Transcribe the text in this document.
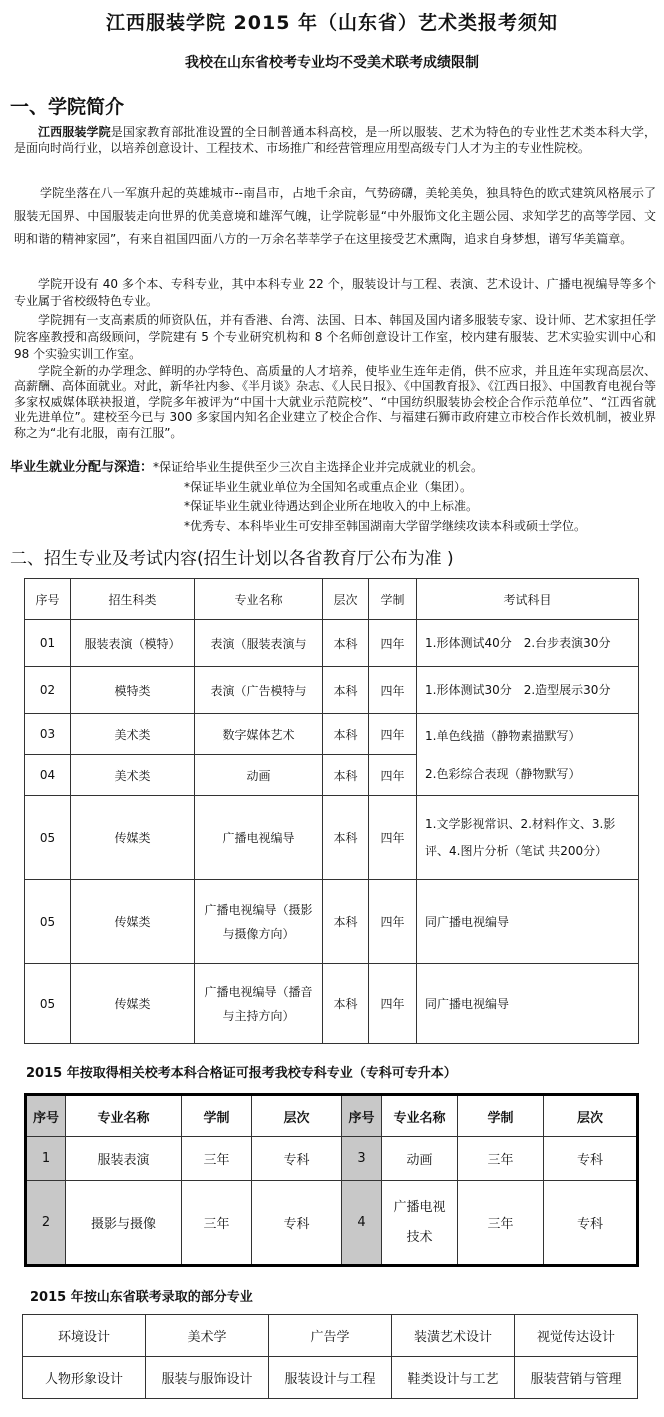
江西服装学院 2015 年（山东省）艺术类报考须知
我校在山东省校考专业均不受美术联考成绩限制
一、学院简介
江西服装学院是国家教育部批准设置的全日制普通本科高校，是一所以服装、艺术为特色的专业性艺术类本科大学，是面向时尚行业，以培养创意设计、工程技术、市场推广和经营管理应用型高级专门人才为主的专业性院校。
学院坐落在八一军旗升起的英雄城市--南昌市，占地千余亩，气势磅礴，美轮美奂，独具特色的欧式建筑风格展示了服装无国界、中国服装走向世界的优美意境和雄浑气魄，让学院彰显“中外服饰文化主题公园、求知学艺的高等学园、文明和谐的精神家园”，有来自祖国四面八方的一万余名莘莘学子在这里接受艺术熏陶，追求自身梦想，谱写华美篇章。
学院开设有 40 多个本、专科专业，其中本科专业 22 个，服装设计与工程、表演、艺术设计、广播电视编导等多个专业属于省校级特色专业。
学院拥有一支高素质的师资队伍，并有香港、台湾、法国、日本、韩国及国内诸多服装专家、设计师、艺术家担任学院客座教授和高级顾问，学院建有 5 个专业研究机构和 8 个名师创意设计工作室，校内建有服装、艺术实验实训中心和 98 个实验实训工作室。
学院全新的办学理念、鲜明的办学特色、高质量的人才培养，使毕业生连年走俏，供不应求，并且连年实现高层次、高薪酬、高体面就业。对此，新华社内参、《半月谈》杂志、《人民日报》、《中国教育报》、《江西日报》、中国教育电视台等多家权威媒体联袂报道，学院多年被评为“中国十大就业示范院校”、“中国纺织服装协会校企合作示范单位”、“江西省就业先进单位”。建校至今已与 300 多家国内知名企业建立了校企合作、与福建石狮市政府建立市校合作长效机制，被业界称之为“北有北服，南有江服”。
毕业生就业分配与深造：*保证给毕业生提供至少三次自主选择企业并完成就业的机会。
*保证毕业生就业单位为全国知名或重点企业（集团）。
*保证毕业生就业待遇达到企业所在地收入的中上标准。
*优秀专、本科毕业生可安排至韩国湖南大学留学继续攻读本科或硕士学位。
二、招生专业及考试内容(招生计划以各省教育厅公布为准 )
序号	招生科类	专业名称	层次	学制	考试科目
01	服装表演（模特）	表演（服装表演与	本科	四年	1.形体测试40分　2.台步表演30分
02	模特类	表演（广告模特与	本科	四年	1.形体测试30分　2.造型展示30分
03	美术类	数字媒体艺术	本科	四年	1.单色线描（静物素描默写）
2.色彩综合表现（静物默写）
04	美术类	动画	本科	四年	
05	传媒类	广播电视编导	本科	四年	1.文学影视常识、2.材料作文、3.影评、4.图片分析（笔试 共200分）
05	传媒类	广播电视编导（摄影与摄像方向）	本科	四年	同广播电视编导
05	传媒类	广播电视编导（播音与主持方向）	本科	四年	同广播电视编导
2015 年按取得相关校考本科合格证可报考我校专科专业（专科可专升本）
序号	专业名称	学制	层次	序号	专业名称	学制	层次
1	服装表演	三年	专科	3	动画	三年	专科
2	摄影与摄像	三年	专科	4	广播电视技术	三年	专科
2015 年按山东省联考录取的部分专业
环境设计	美术学	广告学	装潢艺术设计	视觉传达设计
人物形象设计	服装与服饰设计	服装设计与工程	鞋类设计与工艺	服装营销与管理
